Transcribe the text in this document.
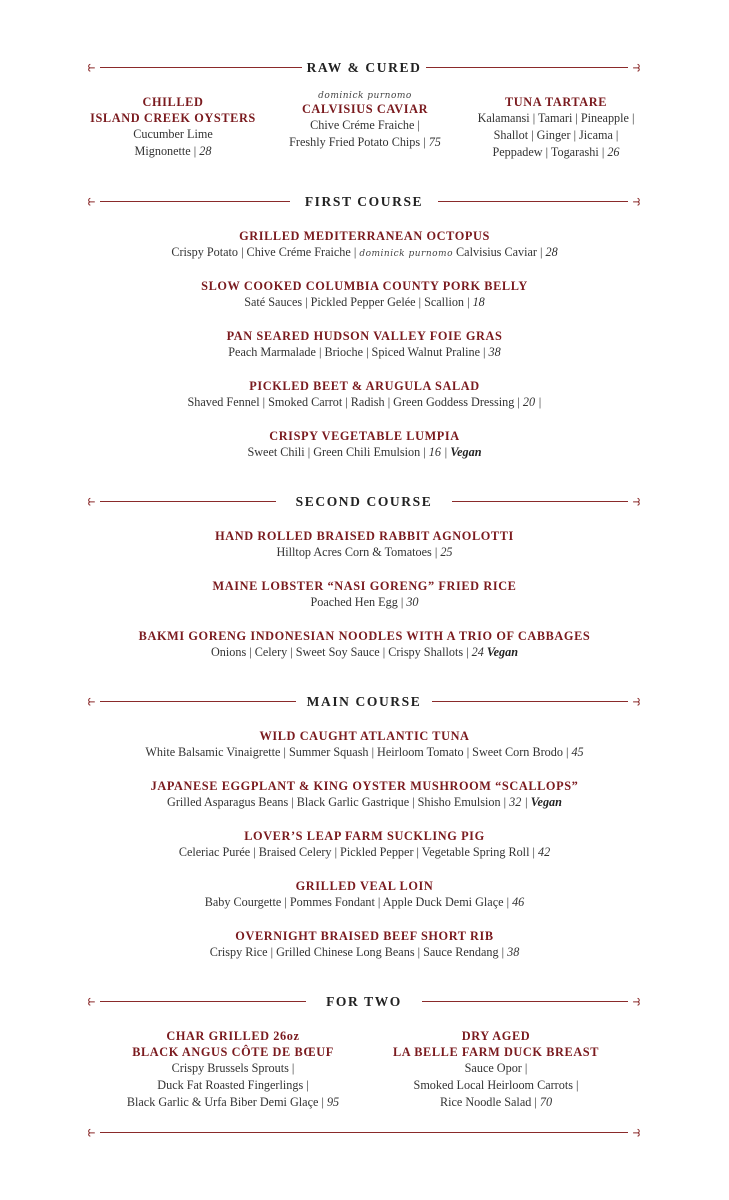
⥼	RAW & CURED	⥼
CHILLED
ISLAND CREEK OYSTERS
Cucumber Lime
Mignonette | 28
dominick purnomo
CALVISIUS CAVIAR
Chive Créme Fraiche |
Freshly Fried Potato Chips | 75
TUNA TARTARE
Kalamansi | Tamari | Pineapple |
Shallot | Ginger | Jicama |
Peppadew | Togarashi | 26
⥼	FIRST COURSE	⥼
GRILLED MEDITERRANEAN OCTOPUS
Crispy Potato | Chive Créme Fraiche | dominick purnomo Calvisius Caviar | 28
SLOW COOKED COLUMBIA COUNTY PORK BELLY
Saté Sauces | Pickled Pepper Gelée | Scallion | 18
PAN SEARED HUDSON VALLEY FOIE GRAS
Peach Marmalade | Brioche | Spiced Walnut Praline | 38
PICKLED BEET & ARUGULA SALAD
Shaved Fennel | Smoked Carrot | Radish | Green Goddess Dressing | 20 |
CRISPY VEGETABLE LUMPIA
Sweet Chili | Green Chili Emulsion | 16 | Vegan
⥼	SECOND COURSE	⥼
HAND ROLLED BRAISED RABBIT AGNOLOTTI
Hilltop Acres Corn & Tomatoes | 25
MAINE LOBSTER “NASI GORENG” FRIED RICE
Poached Hen Egg | 30
BAKMI GORENG INDONESIAN NOODLES WITH A TRIO OF CABBAGES
Onions | Celery | Sweet Soy Sauce | Crispy Shallots | 24 Vegan
⥼	MAIN COURSE	⥼
WILD CAUGHT ATLANTIC TUNA
White Balsamic Vinaigrette | Summer Squash | Heirloom Tomato | Sweet Corn Brodo | 45
JAPANESE EGGPLANT & KING OYSTER MUSHROOM “SCALLOPS”
Grilled Asparagus Beans | Black Garlic Gastrique | Shisho Emulsion | 32 | Vegan
LOVER’S LEAP FARM SUCKLING PIG
Celeriac Purée | Braised Celery | Pickled Pepper | Vegetable Spring Roll | 42
GRILLED VEAL LOIN
Baby Courgette | Pommes Fondant | Apple Duck Demi Glaçe | 46
OVERNIGHT BRAISED BEEF SHORT RIB
Crispy Rice | Grilled Chinese Long Beans | Sauce Rendang | 38
⥼	FOR TWO	⥼
CHAR GRILLED 26oz
BLACK ANGUS CÔTE DE BŒUF
Crispy Brussels Sprouts |
Duck Fat Roasted Fingerlings |
Black Garlic & Urfa Biber Demi Glaçe | 95
DRY AGED
LA BELLE FARM DUCK BREAST
Sauce Opor |
Smoked Local Heirloom Carrots |
Rice Noodle Salad | 70
⥼	⥼
